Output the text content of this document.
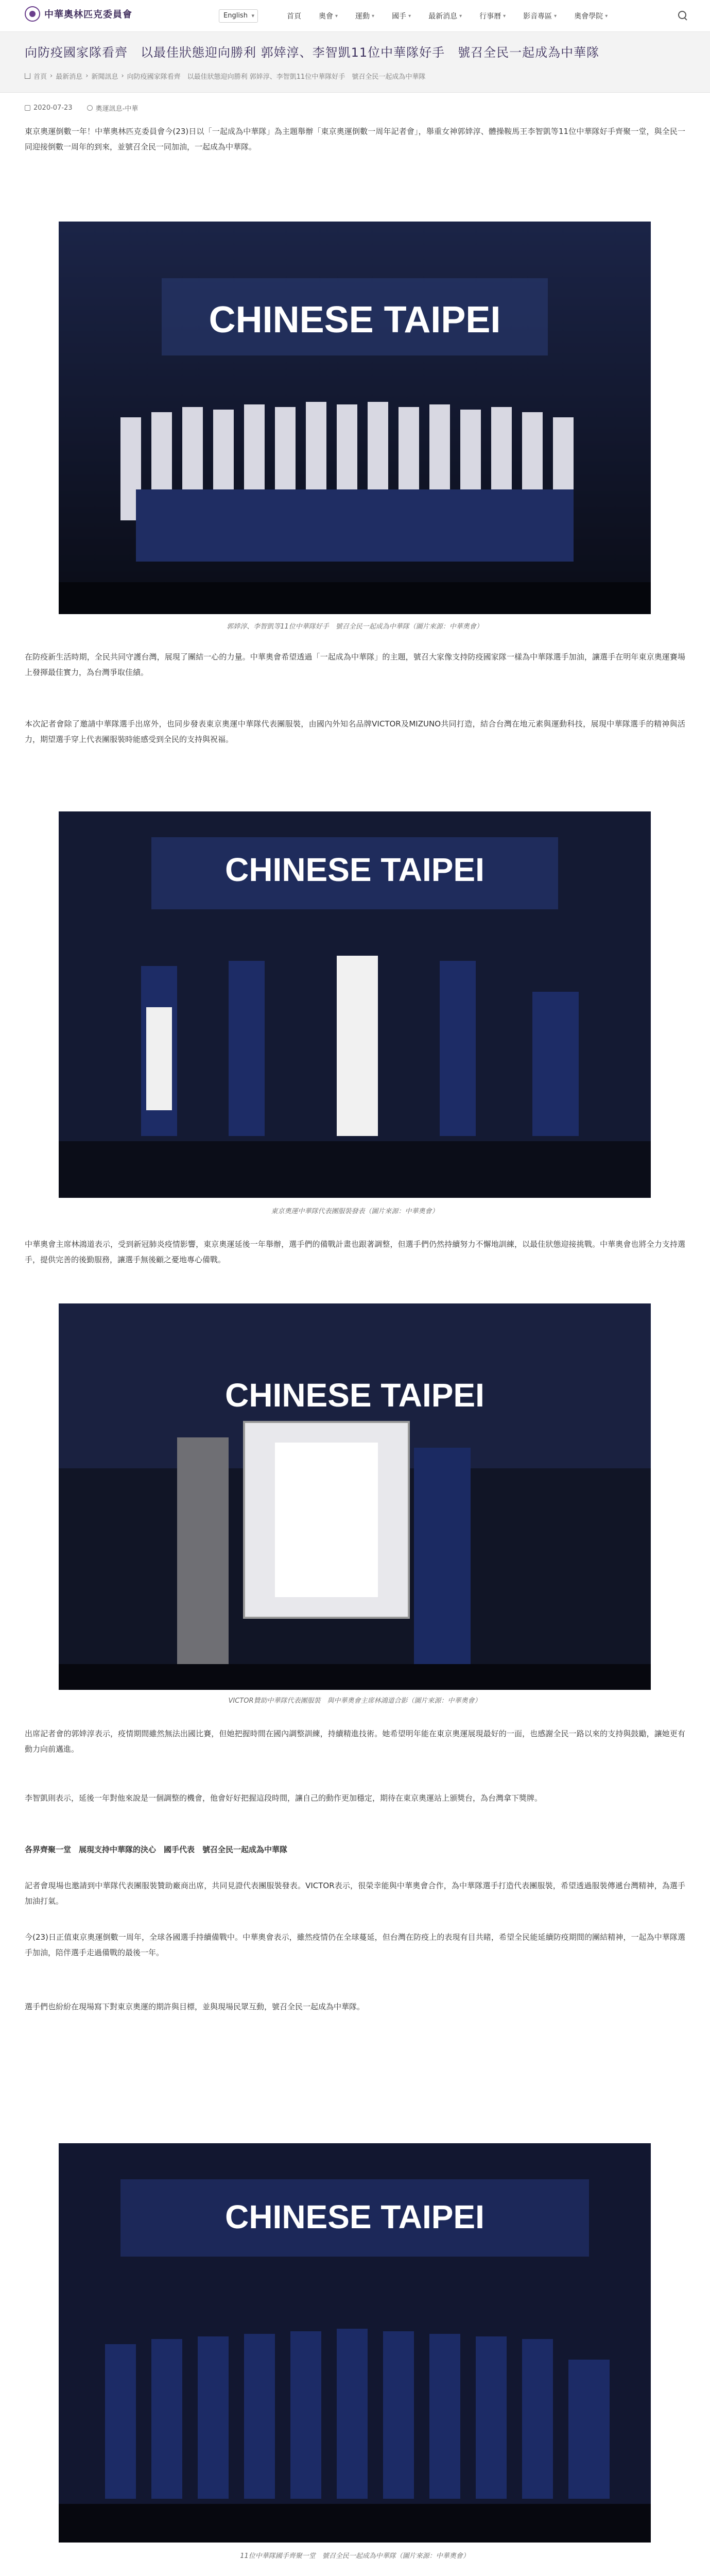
中華奧林匹克委員會	English ▾	首頁 奧會 ▾ 運動 ▾ 國手 ▾ 最新消息 ▾ 行事曆 ▾ 影音專區 ▾ 奧會學院 ▾
向防疫國家隊看齊　以最佳狀態迎向勝利 郭婞淳、李智凱11位中華隊好手　號召全民一起成為中華隊
首頁 › 最新消息 › 新聞訊息 › 向防疫國家隊看齊　以最佳狀態迎向勝利 郭婞淳、李智凱11位中華隊好手　號召全民一起成為中華隊
2020-07-23	奧運訊息-中華

東京奧運倒數一年！中華奧林匹克委員會今(23)日以「一起成為中華隊」為主題舉辦「東京奧運倒數一周年記者會」，舉重女神郭婞淳、體操鞍馬王李智凱等11位中華隊好手齊聚一堂，與全民一同迎接倒數一周年的到來，並號召全民一同加油，一起成為中華隊。

CHINESE TAIPEI

郭婞淳、李智凱等11位中華隊好手　號召全民一起成為中華隊（圖片來源：中華奧會）

在防疫新生活時期，全民共同守護台灣，展現了團結一心的力量。中華奧會希望透過「一起成為中華隊」的主題，號召大家像支持防疫國家隊一樣為中華隊選手加油，讓選手在明年東京奧運賽場上發揮最佳實力，為台灣爭取佳績。

本次記者會除了邀請中華隊選手出席外，也同步發表東京奧運中華隊代表團服裝，由國內外知名品牌VICTOR及MIZUNO共同打造，結合台灣在地元素與運動科技，展現中華隊選手的精神與活力，期望選手穿上代表團服裝時能感受到全民的支持與祝福。

CHINESE TAIPEI

東京奧運中華隊代表團服裝發表（圖片來源：中華奧會）

中華奧會主席林鴻道表示，受到新冠肺炎疫情影響，東京奧運延後一年舉辦，選手們的備戰計畫也跟著調整，但選手們仍然持續努力不懈地訓練，以最佳狀態迎接挑戰。中華奧會也將全力支持選手，提供完善的後勤服務，讓選手無後顧之憂地專心備戰。

CHINESE TAIPEI

VICTOR贊助中華隊代表團服裝　與中華奧會主席林鴻道合影（圖片來源：中華奧會）

出席記者會的郭婞淳表示，疫情期間雖然無法出國比賽，但她把握時間在國內調整訓練，持續精進技術。她希望明年能在東京奧運展現最好的一面，也感謝全民一路以來的支持與鼓勵，讓她更有動力向前邁進。

李智凱則表示，延後一年對他來說是一個調整的機會，他會好好把握這段時間，讓自己的動作更加穩定，期待在東京奧運站上頒獎台，為台灣拿下獎牌。

各界齊聚一堂　展現支持中華隊的決心　國手代表　號召全民一起成為中華隊

記者會現場也邀請到中華隊代表團服裝贊助廠商出席，共同見證代表團服裝發表。VICTOR表示，很榮幸能與中華奧會合作，為中華隊選手打造代表團服裝，希望透過服裝傳遞台灣精神，為選手加油打氣。

今(23)日正值東京奧運倒數一周年，全球各國選手持續備戰中。中華奧會表示，雖然疫情仍在全球蔓延，但台灣在防疫上的表現有目共睹，希望全民能延續防疫期間的團結精神，一起為中華隊選手加油，陪伴選手走過備戰的最後一年。

選手們也紛紛在現場寫下對東京奧運的期許與目標，並與現場民眾互動，號召全民一起成為中華隊。

CHINESE TAIPEI

11位中華隊國手齊聚一堂　號召全民一起成為中華隊（圖片來源：中華奧會）
